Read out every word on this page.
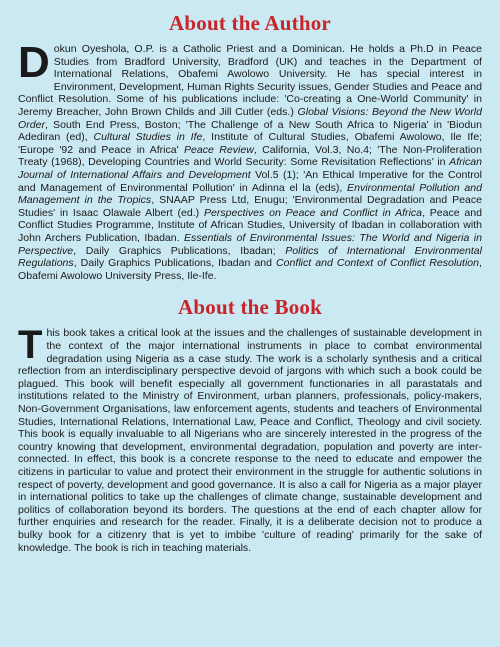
About the Author

Dokun Oyeshola, O.P. is a Catholic Priest and a Dominican. He holds a Ph.D in Peace Studies from Bradford University, Bradford (UK) and teaches in the Department of International Relations, Obafemi Awolowo University. He has special interest in Environment, Development, Human Rights Security issues, Gender Studies and Peace and Conflict Resolution. Some of his publications include: 'Co-creating a One-World Community' in Jeremy Breacher, John Brown Childs and Jill Cutler (eds.) Global Visions: Beyond the New World Order, South End Press, Boston; 'The Challenge of a New South Africa to Nigeria' in 'Biodun Adediran (ed), Cultural Studies in Ife, Institute of Cultural Studies, Obafemi Awolowo, Ile Ife; 'Europe '92 and Peace in Africa' Peace Review, California, Vol.3, No.4; 'The Non-Proliferation Treaty (1968), Developing Countries and World Security: Some Revisitation Reflections' in African Journal of International Affairs and Development Vol.5 (1); 'An Ethical Imperative for the Control and Management of Environmental Pollution' in Adinna el la (eds), Environmental Pollution and Management in the Tropics, SNAAP Press Ltd, Enugu; 'Environmental Degradation and Peace Studies' in Isaac Olawale Albert (ed.) Perspectives on Peace and Conflict in Africa, Peace and Conflict Studies Programme, Institute of African Studies, University of Ibadan in collaboration with John Archers Publication, Ibadan. Essentials of Environmental Issues: The World and Nigeria in Perspective, Daily Graphics Publications, Ibadan; Politics of International Environmental Regulations, Daily Graphics Publications, Ibadan and Conflict and Context of Conflict Resolution, Obafemi Awolowo University Press, Ile-Ife.

About the Book

This book takes a critical look at the issues and the challenges of sustainable development in the context of the major international instruments in place to combat environmental degradation using Nigeria as a case study. The work is a scholarly synthesis and a critical reflection from an interdisciplinary perspective devoid of jargons with which such a book could be plagued. This book will benefit especially all government functionaries in all parastatals and institutions related to the Ministry of Environment, urban planners, professionals, policy-makers, Non-Government Organisations, law enforcement agents, students and teachers of Environmental Studies, International Relations, International Law, Peace and Conflict, Theology and civil society. This book is equally invaluable to all Nigerians who are sincerely interested in the progress of the country knowing that development, environmental degradation, population and poverty are inter-connected. In effect, this book is a concrete response to the need to educate and empower the citizens in particular to value and protect their environment in the struggle for authentic solutions in respect of poverty, development and good governance. It is also a call for Nigeria as a major player in international politics to take up the challenges of climate change, sustainable development and politics of collaboration beyond its borders. The questions at the end of each chapter allow for further enquiries and research for the reader. Finally, it is a deliberate decision not to produce a bulky book for a citizenry that is yet to imbibe 'culture of reading' primarily for the sake of knowledge. The book is rich in teaching materials.
